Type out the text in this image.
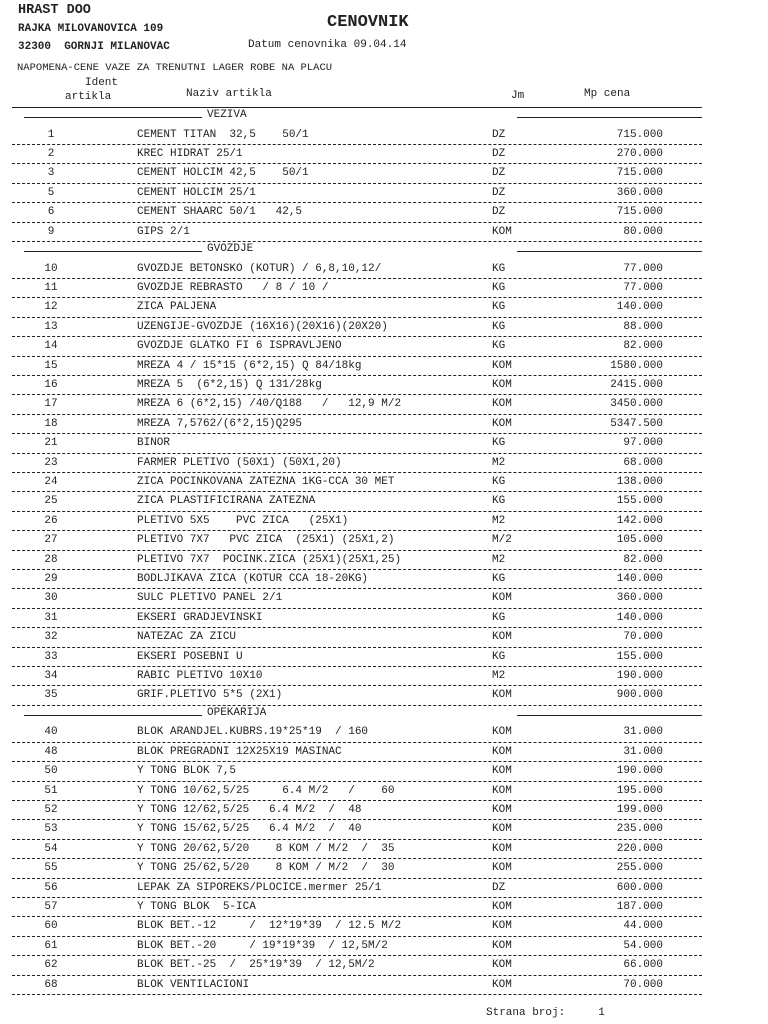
HRAST DOO
RAJKA MILOVANOVICA 109
32300  GORNJI MILANOVAC
CENOVNIK
Datum cenovnika 09.04.14
NAPOMENA-CENE VAZE ZA TRENUTNI LAGER ROBE NA PLACU
Ident
artikla	Naziv artikla	Jm	Mp cena
VEZIVA
1	CEMENT TITAN  32,5    50/1	DZ	715.000
2	KREC HIDRAT 25/1	DZ	270.000
3	CEMENT HOLCIM 42,5    50/1	DZ	715.000
5	CEMENT HOLCIM 25/1	DZ	360.000
6	CEMENT SHAARC 50/1   42,5	DZ	715.000
9	GIPS 2/1	KOM	80.000
GVOZDJE
10	GVOZDJE BETONSKO (KOTUR) / 6,8,10,12/	KG	77.000
11	GVOZDJE REBRASTO   / 8 / 10 /	KG	77.000
12	ZICA PALJENA	KG	140.000
13	UZENGIJE-GVOZDJE (16X16)(20X16)(20X20)	KG	88.000
14	GVOZDJE GLATKO FI 6 ISPRAVLJENO	KG	82.000
15	MREZA 4 / 15*15 (6*2,15) Q 84/18kg	KOM	1580.000
16	MREZA 5  (6*2,15) Q 131/28kg	KOM	2415.000
17	MREZA 6 (6*2,15) /40/Q188   /   12,9 M/2	KOM	3450.000
18	MREZA 7,5762/(6*2,15)Q295	KOM	5347.500
21	BINOR	KG	97.000
23	FARMER PLETIVO (50X1) (50X1,20)	M2	68.000
24	ZICA POCINKOVANA ZATEZNA 1KG-CCA 30 MET	KG	138.000
25	ZICA PLASTIFICIRANA ZATEZNA	KG	155.000
26	PLETIVO 5X5    PVC ZICA   (25X1)	M2	142.000
27	PLETIVO 7X7   PVC ZICA  (25X1) (25X1,2)	M/2	105.000
28	PLETIVO 7X7  POCINK.ZICA (25X1)(25X1,25)	M2	82.000
29	BODLJIKAVA ZICA (KOTUR CCA 18-20KG)	KG	140.000
30	SULC PLETIVO PANEL 2/1	KOM	360.000
31	EKSERI GRADJEVINSKI	KG	140.000
32	NATEZAC ZA ZICU	KOM	70.000
33	EKSERI POSEBNI U	KG	155.000
34	RABIC PLETIVO 10X10	M2	190.000
35	GRIF.PLETIVO 5*5 (2X1)	KOM	900.000
OPEKARIJA
40	BLOK ARANDJEL.KUBRS.19*25*19  / 160	KOM	31.000
48	BLOK PREGRADNI 12X25X19 MASINAC	KOM	31.000
50	Y TONG BLOK 7,5	KOM	190.000
51	Y TONG 10/62,5/25     6.4 M/2   /    60	KOM	195.000
52	Y TONG 12/62,5/25   6.4 M/2  /  48	KOM	199.000
53	Y TONG 15/62,5/25   6.4 M/2  /  40	KOM	235.000
54	Y TONG 20/62,5/20    8 KOM / M/2  /  35	KOM	220.000
55	Y TONG 25/62,5/20    8 KOM / M/2  /  30	KOM	255.000
56	LEPAK ZA SIPOREKS/PLOCICE.mermer 25/1	DZ	600.000
57	Y TONG BLOK  5-ICA	KOM	187.000
60	BLOK BET.-12     /  12*19*39  / 12.5 M/2	KOM	44.000
61	BLOK BET.-20     / 19*19*39  / 12,5M/2	KOM	54.000
62	BLOK BET.-25  /  25*19*39  / 12,5M/2	KOM	66.000
68	BLOK VENTILACIONI	KOM	70.000
Strana broj:     1
